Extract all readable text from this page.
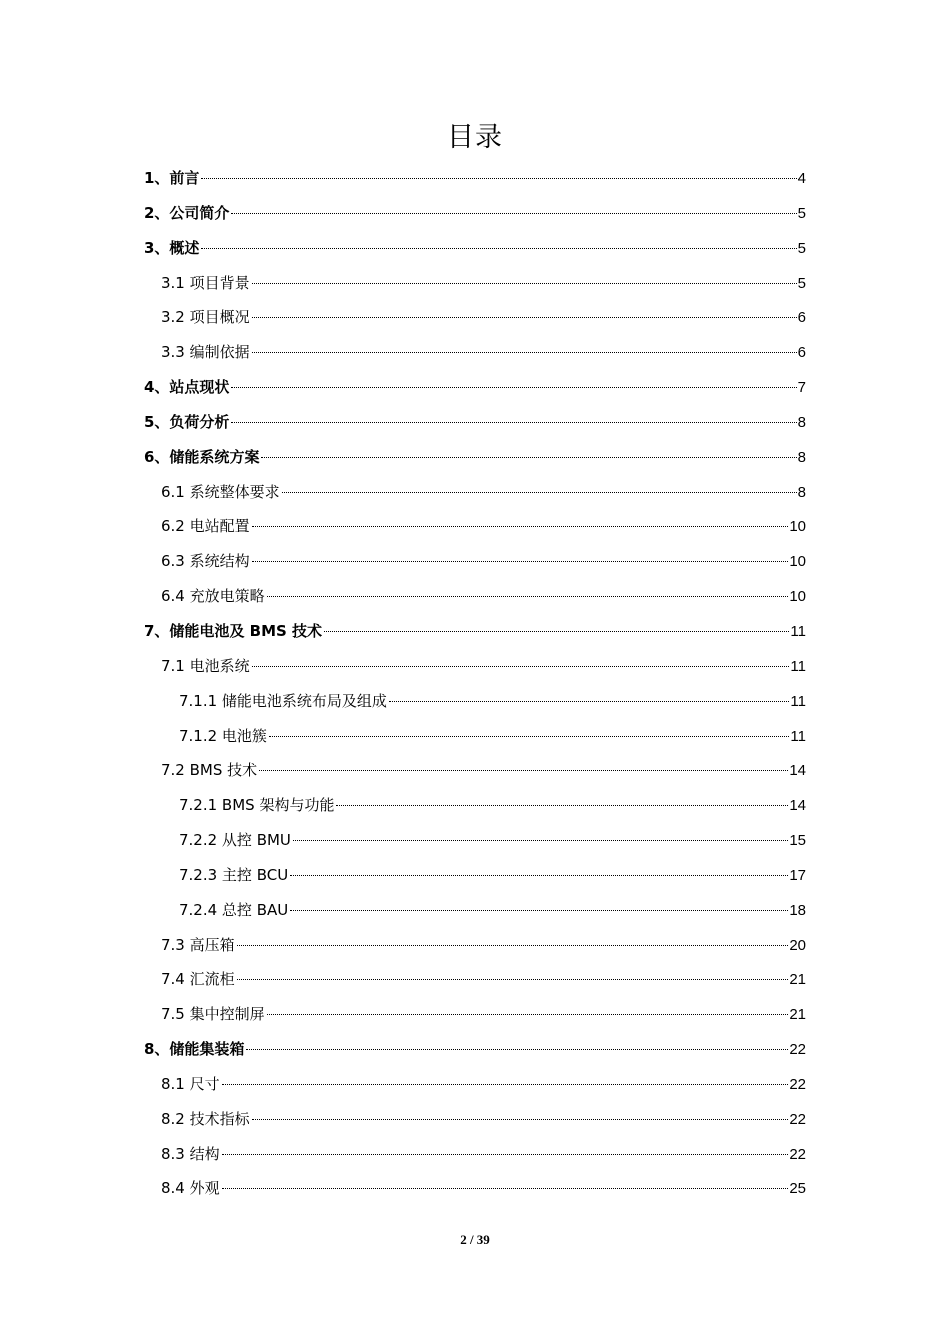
目录
1、前言	4
2、公司简介	5
3、概述	5
3.1 项目背景	5
3.2 项目概况	6
3.3 编制依据	6
4、站点现状	7
5、负荷分析	8
6、储能系统方案	8
6.1 系统整体要求	8
6.2 电站配置	10
6.3 系统结构	10
6.4 充放电策略	10
7、储能电池及 BMS 技术	11
7.1 电池系统	11
7.1.1 储能电池系统布局及组成	11
7.1.2 电池簇	11
7.2 BMS 技术	14
7.2.1 BMS 架构与功能	14
7.2.2 从控 BMU	15
7.2.3 主控 BCU	17
7.2.4 总控 BAU	18
7.3 高压箱	20
7.4 汇流柜	21
7.5 集中控制屏	21
8、储能集装箱	22
8.1 尺寸	22
8.2 技术指标	22
8.3 结构	22
8.4 外观	25
2 / 39
